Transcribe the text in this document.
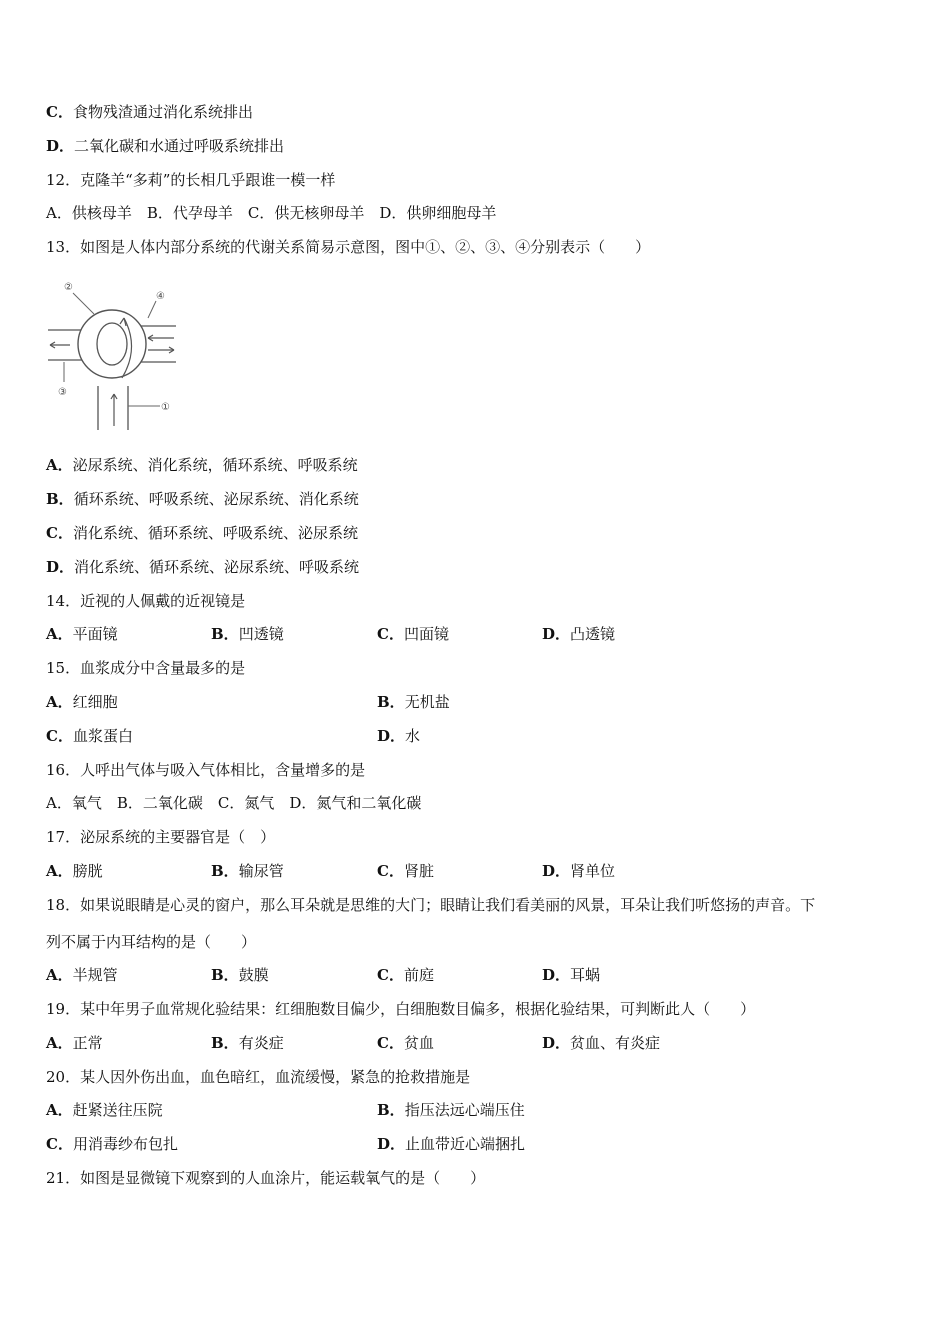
C．食物残渣通过消化系统排出
D．二氧化碳和水通过呼吸系统排出
12．克隆羊“多莉”的长相几乎跟谁一模一样
A．供核母羊　B．代孕母羊　C．供无核卵母羊　D．供卵细胞母羊
13．如图是人体内部分系统的代谢关系简易示意图，图中①、②、③、④分别表示（　　）
②
④
③
①
A．泌尿系统、消化系统，循环系统、呼吸系统
B．循环系统、呼吸系统、泌尿系统、消化系统
C．消化系统、循环系统、呼吸系统、泌尿系统
D．消化系统、循环系统、泌尿系统、呼吸系统
14．近视的人佩戴的近视镜是
A．平面镜	B．凹透镜	C．凹面镜	D．凸透镜
15．血浆成分中含量最多的是
A．红细胞	B．无机盐
C．血浆蛋白	D．水
16．人呼出气体与吸入气体相比，含量增多的是
A．氧气　B．二氧化碳　C．氮气　D．氮气和二氧化碳
17．泌尿系统的主要器官是（　）
A．膀胱	B．输尿管	C．肾脏	D．肾单位
18．如果说眼睛是心灵的窗户，那么耳朵就是思维的大门；眼睛让我们看美丽的风景，耳朵让我们听悠扬的声音。下
列不属于内耳结构的是（　　）
A．半规管	B．鼓膜	C．前庭	D．耳蜗
19．某中年男子血常规化验结果：红细胞数目偏少，白细胞数目偏多，根据化验结果，可判断此人（　　）
A．正常	B．有炎症	C．贫血	D．贫血、有炎症
20．某人因外伤出血，血色暗红，血流缓慢，紧急的抢救措施是
A．赶紧送往压院	B．指压法远心端压住
C．用消毒纱布包扎	D．止血带近心端捆扎
21．如图是显微镜下观察到的人血涂片，能运载氧气的是（　　）
